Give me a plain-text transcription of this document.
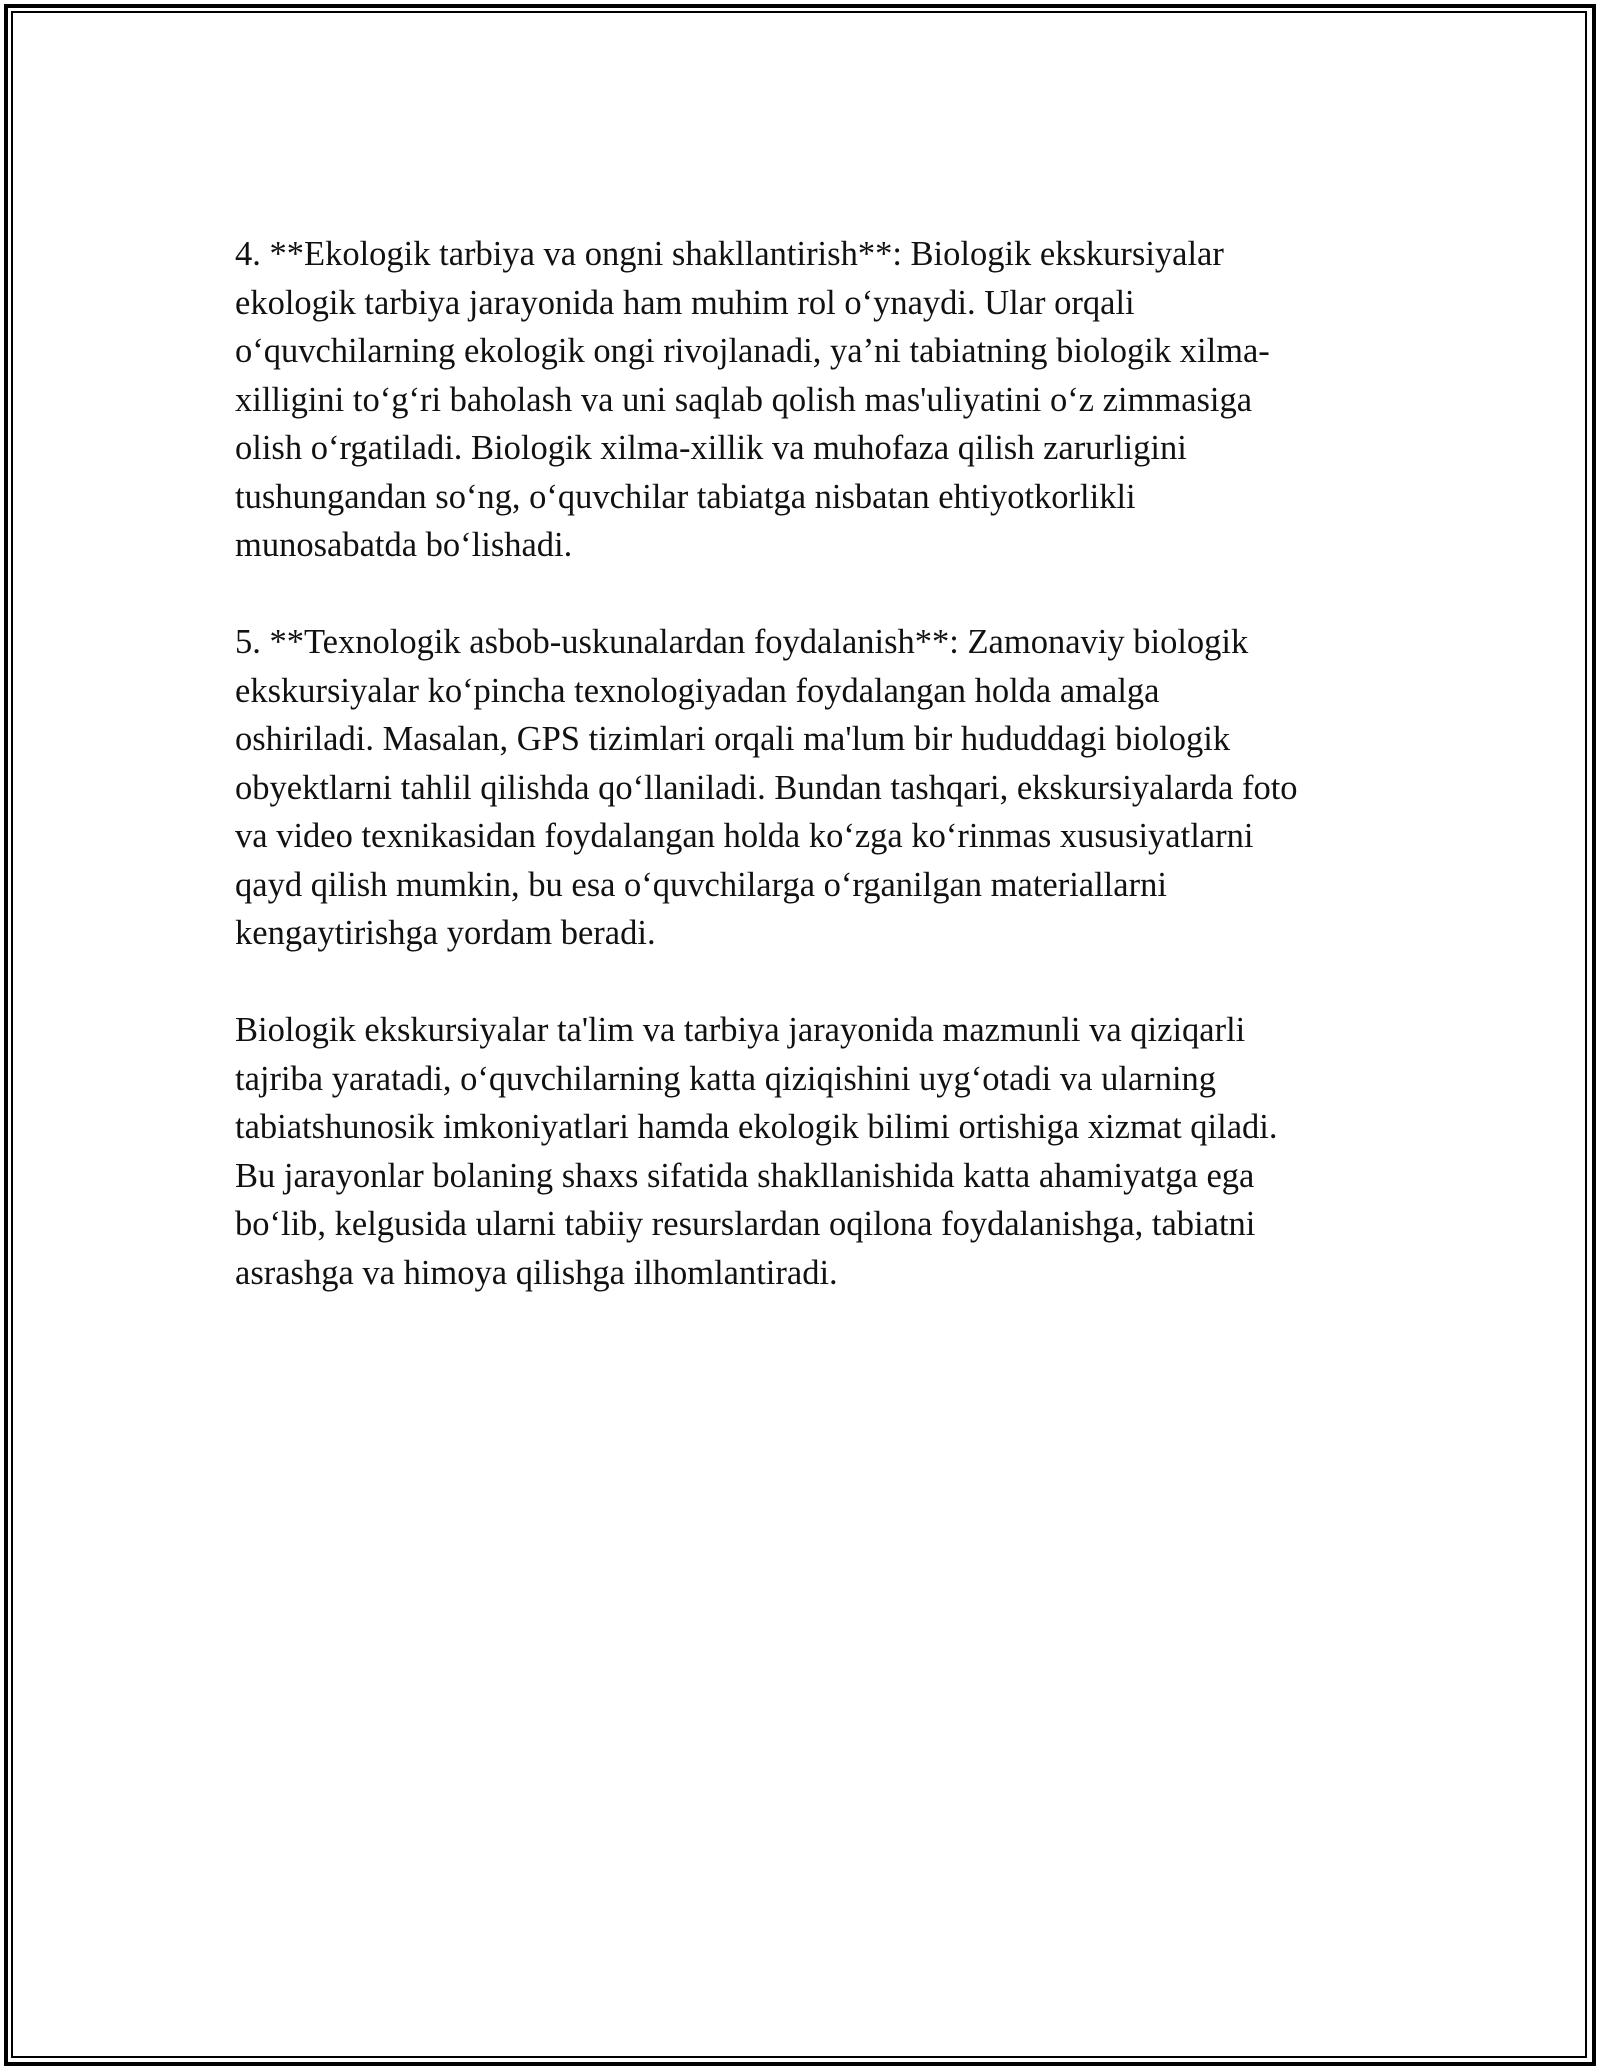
4. **Ekologik tarbiya va ongni shakllantirish**: Biologik ekskursiyalar
ekologik tarbiya jarayonida ham muhim rol o‘ynaydi. Ular orqali
o‘quvchilarning ekologik ongi rivojlanadi, ya’ni tabiatning biologik xilma-
xilligini to‘g‘ri baholash va uni saqlab qolish mas'uliyatini o‘z zimmasiga
olish o‘rgatiladi. Biologik xilma-xillik va muhofaza qilish zarurligini
tushungandan so‘ng, o‘quvchilar tabiatga nisbatan ehtiyotkorlikli
munosabatda bo‘lishadi.

5. **Texnologik asbob-uskunalardan foydalanish**: Zamonaviy biologik
ekskursiyalar ko‘pincha texnologiyadan foydalangan holda amalga
oshiriladi. Masalan, GPS tizimlari orqali ma'lum bir hududdagi biologik
obyektlarni tahlil qilishda qo‘llaniladi. Bundan tashqari, ekskursiyalarda foto
va video texnikasidan foydalangan holda ko‘zga ko‘rinmas xususiyatlarni
qayd qilish mumkin, bu esa o‘quvchilarga o‘rganilgan materiallarni
kengaytirishga yordam beradi.

Biologik ekskursiyalar ta'lim va tarbiya jarayonida mazmunli va qiziqarli
tajriba yaratadi, o‘quvchilarning katta qiziqishini uyg‘otadi va ularning
tabiatshunosik imkoniyatlari hamda ekologik bilimi ortishiga xizmat qiladi.
Bu jarayonlar bolaning shaxs sifatida shakllanishida katta ahamiyatga ega
bo‘lib, kelgusida ularni tabiiy resurslardan oqilona foydalanishga, tabiatni
asrashga va himoya qilishga ilhomlantiradi.
